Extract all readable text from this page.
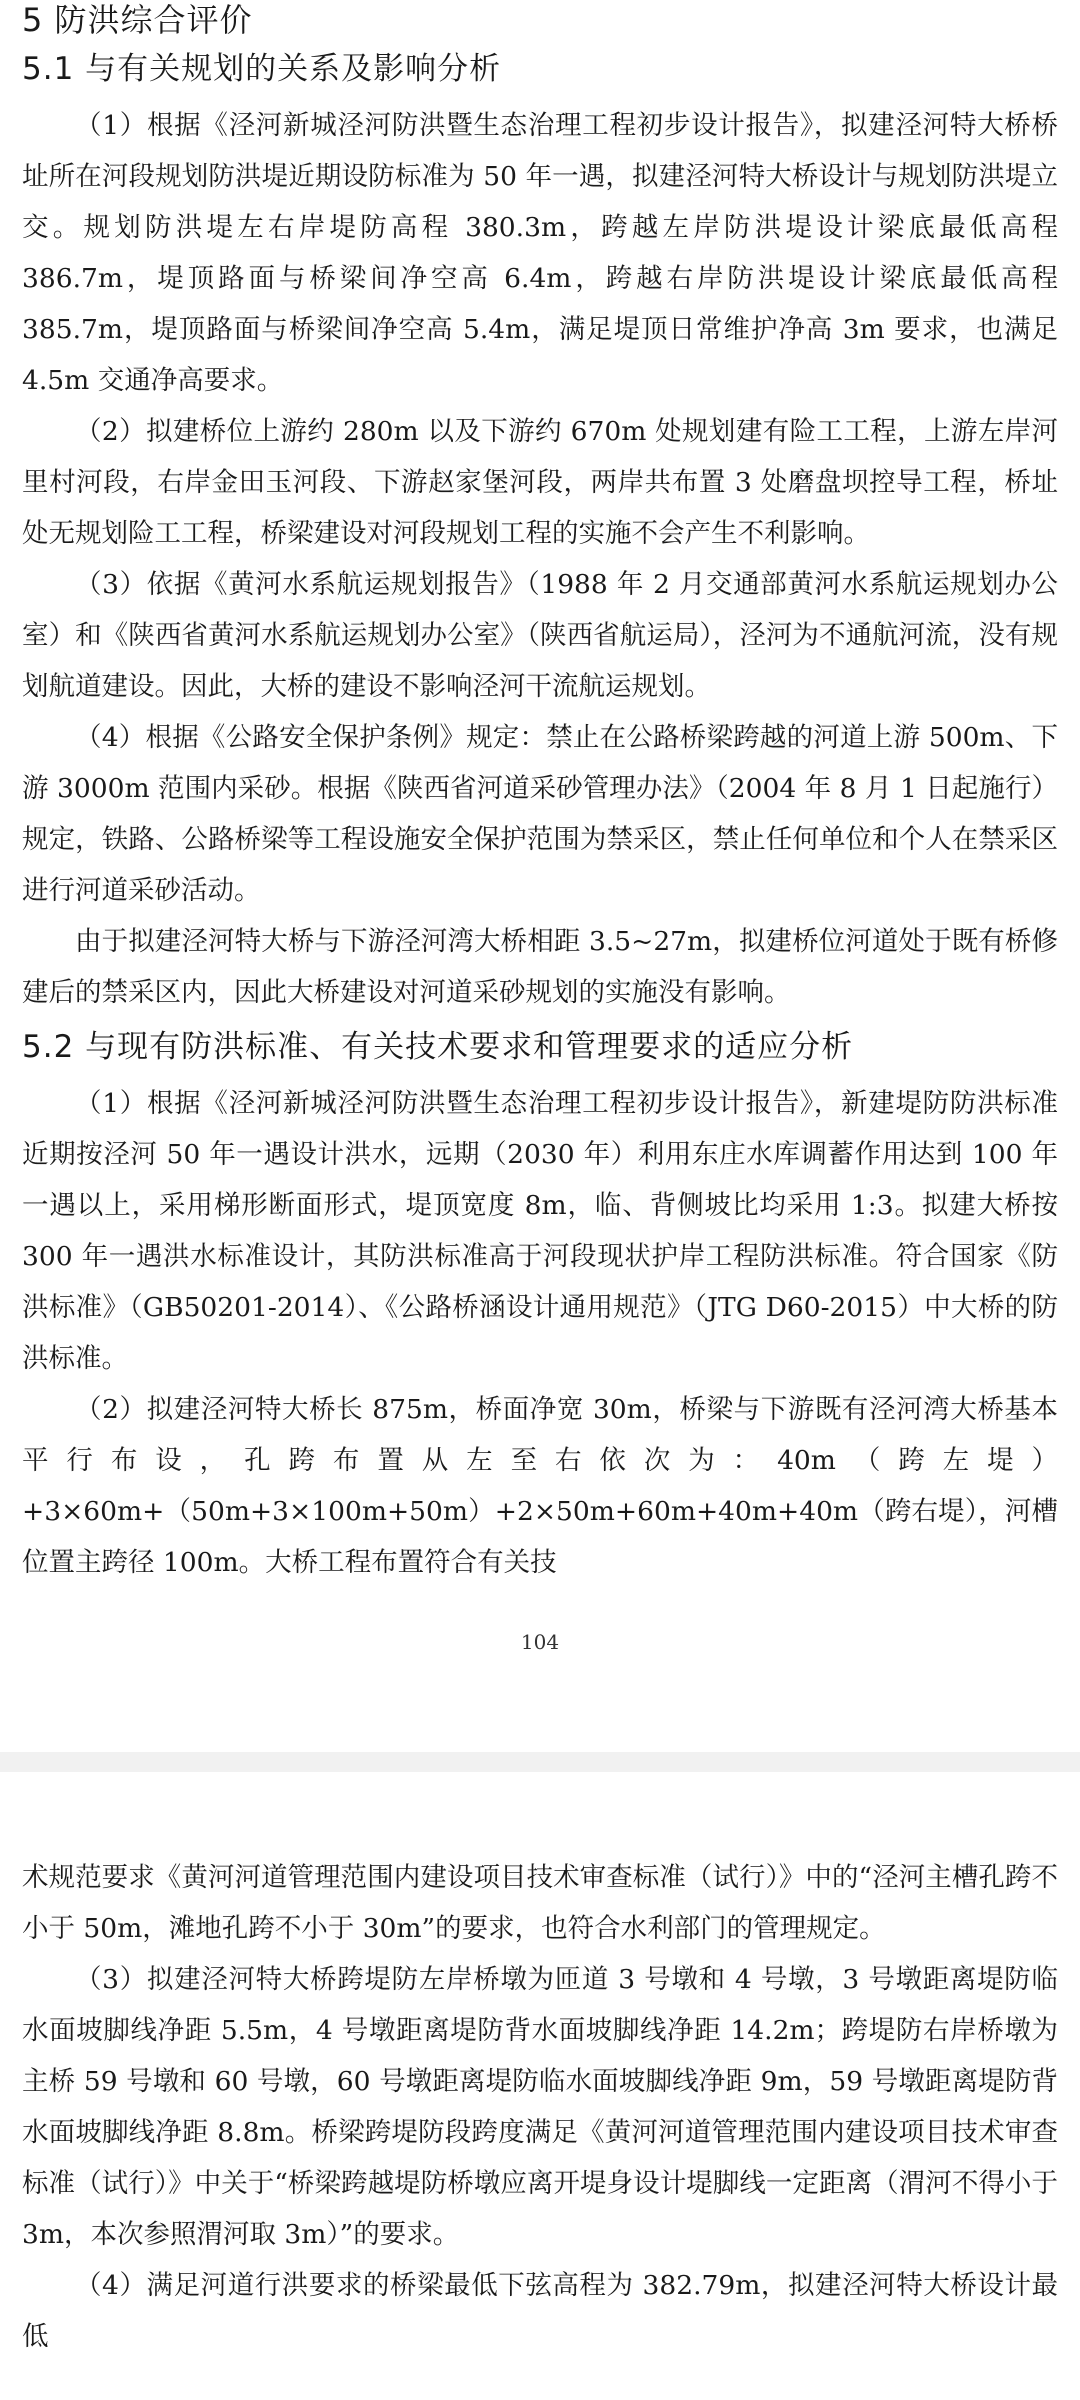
5 防洪综合评价
5.1 与有关规划的关系及影响分析

（1）根据《泾河新城泾河防洪暨生态治理工程初步设计报告》，拟建泾河特大桥桥址所在河段规划防洪堤近期设防标准为 50 年一遇，拟建泾河特大桥设计与规划防洪堤立交。规划防洪堤左右岸堤防高程 380.3m，跨越左岸防洪堤设计梁底最低高程 386.7m，堤顶路面与桥梁间净空高 6.4m，跨越右岸防洪堤设计梁底最低高程 385.7m，堤顶路面与桥梁间净空高 5.4m，满足堤顶日常维护净高 3m 要求，也满足 4.5m 交通净高要求。

（2）拟建桥位上游约 280m 以及下游约 670m 处规划建有险工工程，上游左岸河里村河段，右岸金田玉河段、下游赵家堡河段，两岸共布置 3 处磨盘坝控导工程，桥址处无规划险工工程，桥梁建设对河段规划工程的实施不会产生不利影响。

（3）依据《黄河水系航运规划报告》（1988 年 2 月交通部黄河水系航运规划办公室）和《陕西省黄河水系航运规划办公室》（陕西省航运局），泾河为不通航河流，没有规划航道建设。因此，大桥的建设不影响泾河干流航运规划。

（4）根据《公路安全保护条例》规定：禁止在公路桥梁跨越的河道上游 500m、下游 3000m 范围内采砂。根据《陕西省河道采砂管理办法》（2004 年 8 月 1 日起施行）规定，铁路、公路桥梁等工程设施安全保护范围为禁采区，禁止任何单位和个人在禁采区进行河道采砂活动。

由于拟建泾河特大桥与下游泾河湾大桥相距 3.5~27m，拟建桥位河道处于既有桥修建后的禁采区内，因此大桥建设对河道采砂规划的实施没有影响。

5.2 与现有防洪标准、有关技术要求和管理要求的适应分析

（1）根据《泾河新城泾河防洪暨生态治理工程初步设计报告》，新建堤防防洪标准近期按泾河 50 年一遇设计洪水，远期（2030 年）利用东庄水库调蓄作用达到 100 年一遇以上，采用梯形断面形式，堤顶宽度 8m，临、背侧坡比均采用 1:3。拟建大桥按 300 年一遇洪水标准设计，其防洪标准高于河段现状护岸工程防洪标准。符合国家《防洪标准》（GB50201-2014）、《公路桥涵设计通用规范》（JTG D60-2015）中大桥的防洪标准。

（2）拟建泾河特大桥长 875m，桥面净宽 30m，桥梁与下游既有泾河湾大桥基本平行布设，孔跨布置从左至右依次为：40m（跨左堤）+3×60m+（50m+3×100m+50m）+2×50m+60m+40m+40m（跨右堤），河槽位置主跨径 100m。大桥工程布置符合有关技

104

术规范要求《黄河河道管理范围内建设项目技术审查标准（试行）》中的“泾河主槽孔跨不小于 50m，滩地孔跨不小于 30m”的要求，也符合水利部门的管理规定。

（3）拟建泾河特大桥跨堤防左岸桥墩为匝道 3 号墩和 4 号墩，3 号墩距离堤防临水面坡脚线净距 5.5m，4 号墩距离堤防背水面坡脚线净距 14.2m；跨堤防右岸桥墩为主桥 59 号墩和 60 号墩，60 号墩距离堤防临水面坡脚线净距 9m，59 号墩距离堤防背水面坡脚线净距 8.8m。桥梁跨堤防段跨度满足《黄河河道管理范围内建设项目技术审查标准（试行）》中关于“桥梁跨越堤防桥墩应离开堤身设计堤脚线一定距离（渭河不得小于 3m，本次参照渭河取 3m）”的要求。

（4）满足河道行洪要求的桥梁最低下弦高程为 382.79m，拟建泾河特大桥设计最低
